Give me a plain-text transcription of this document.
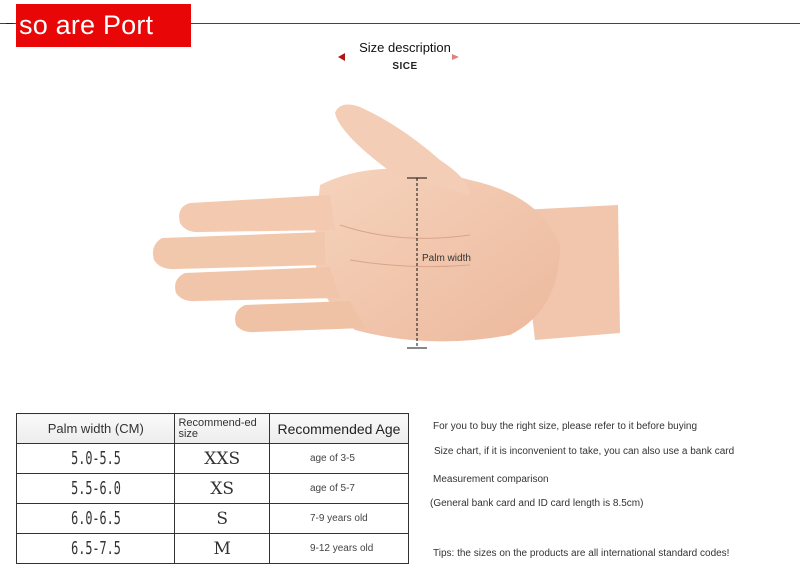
so are Port
Size description
SICE
Palm width
Palm width (CM)	Recommend-ed size	Recommended Age
5.0-5.5	XXS	age of 3-5
5.5-6.0	XS	age of 5-7
6.0-6.5	S	7-9 years old
6.5-7.5	M	9-12 years old
For you to buy the right size, please refer to it before buying
Size chart, if it is inconvenient to take, you can also use a bank card
Measurement comparison
(General bank card and ID card length is 8.5cm)
Tips: the sizes on the products are all international standard codes!
